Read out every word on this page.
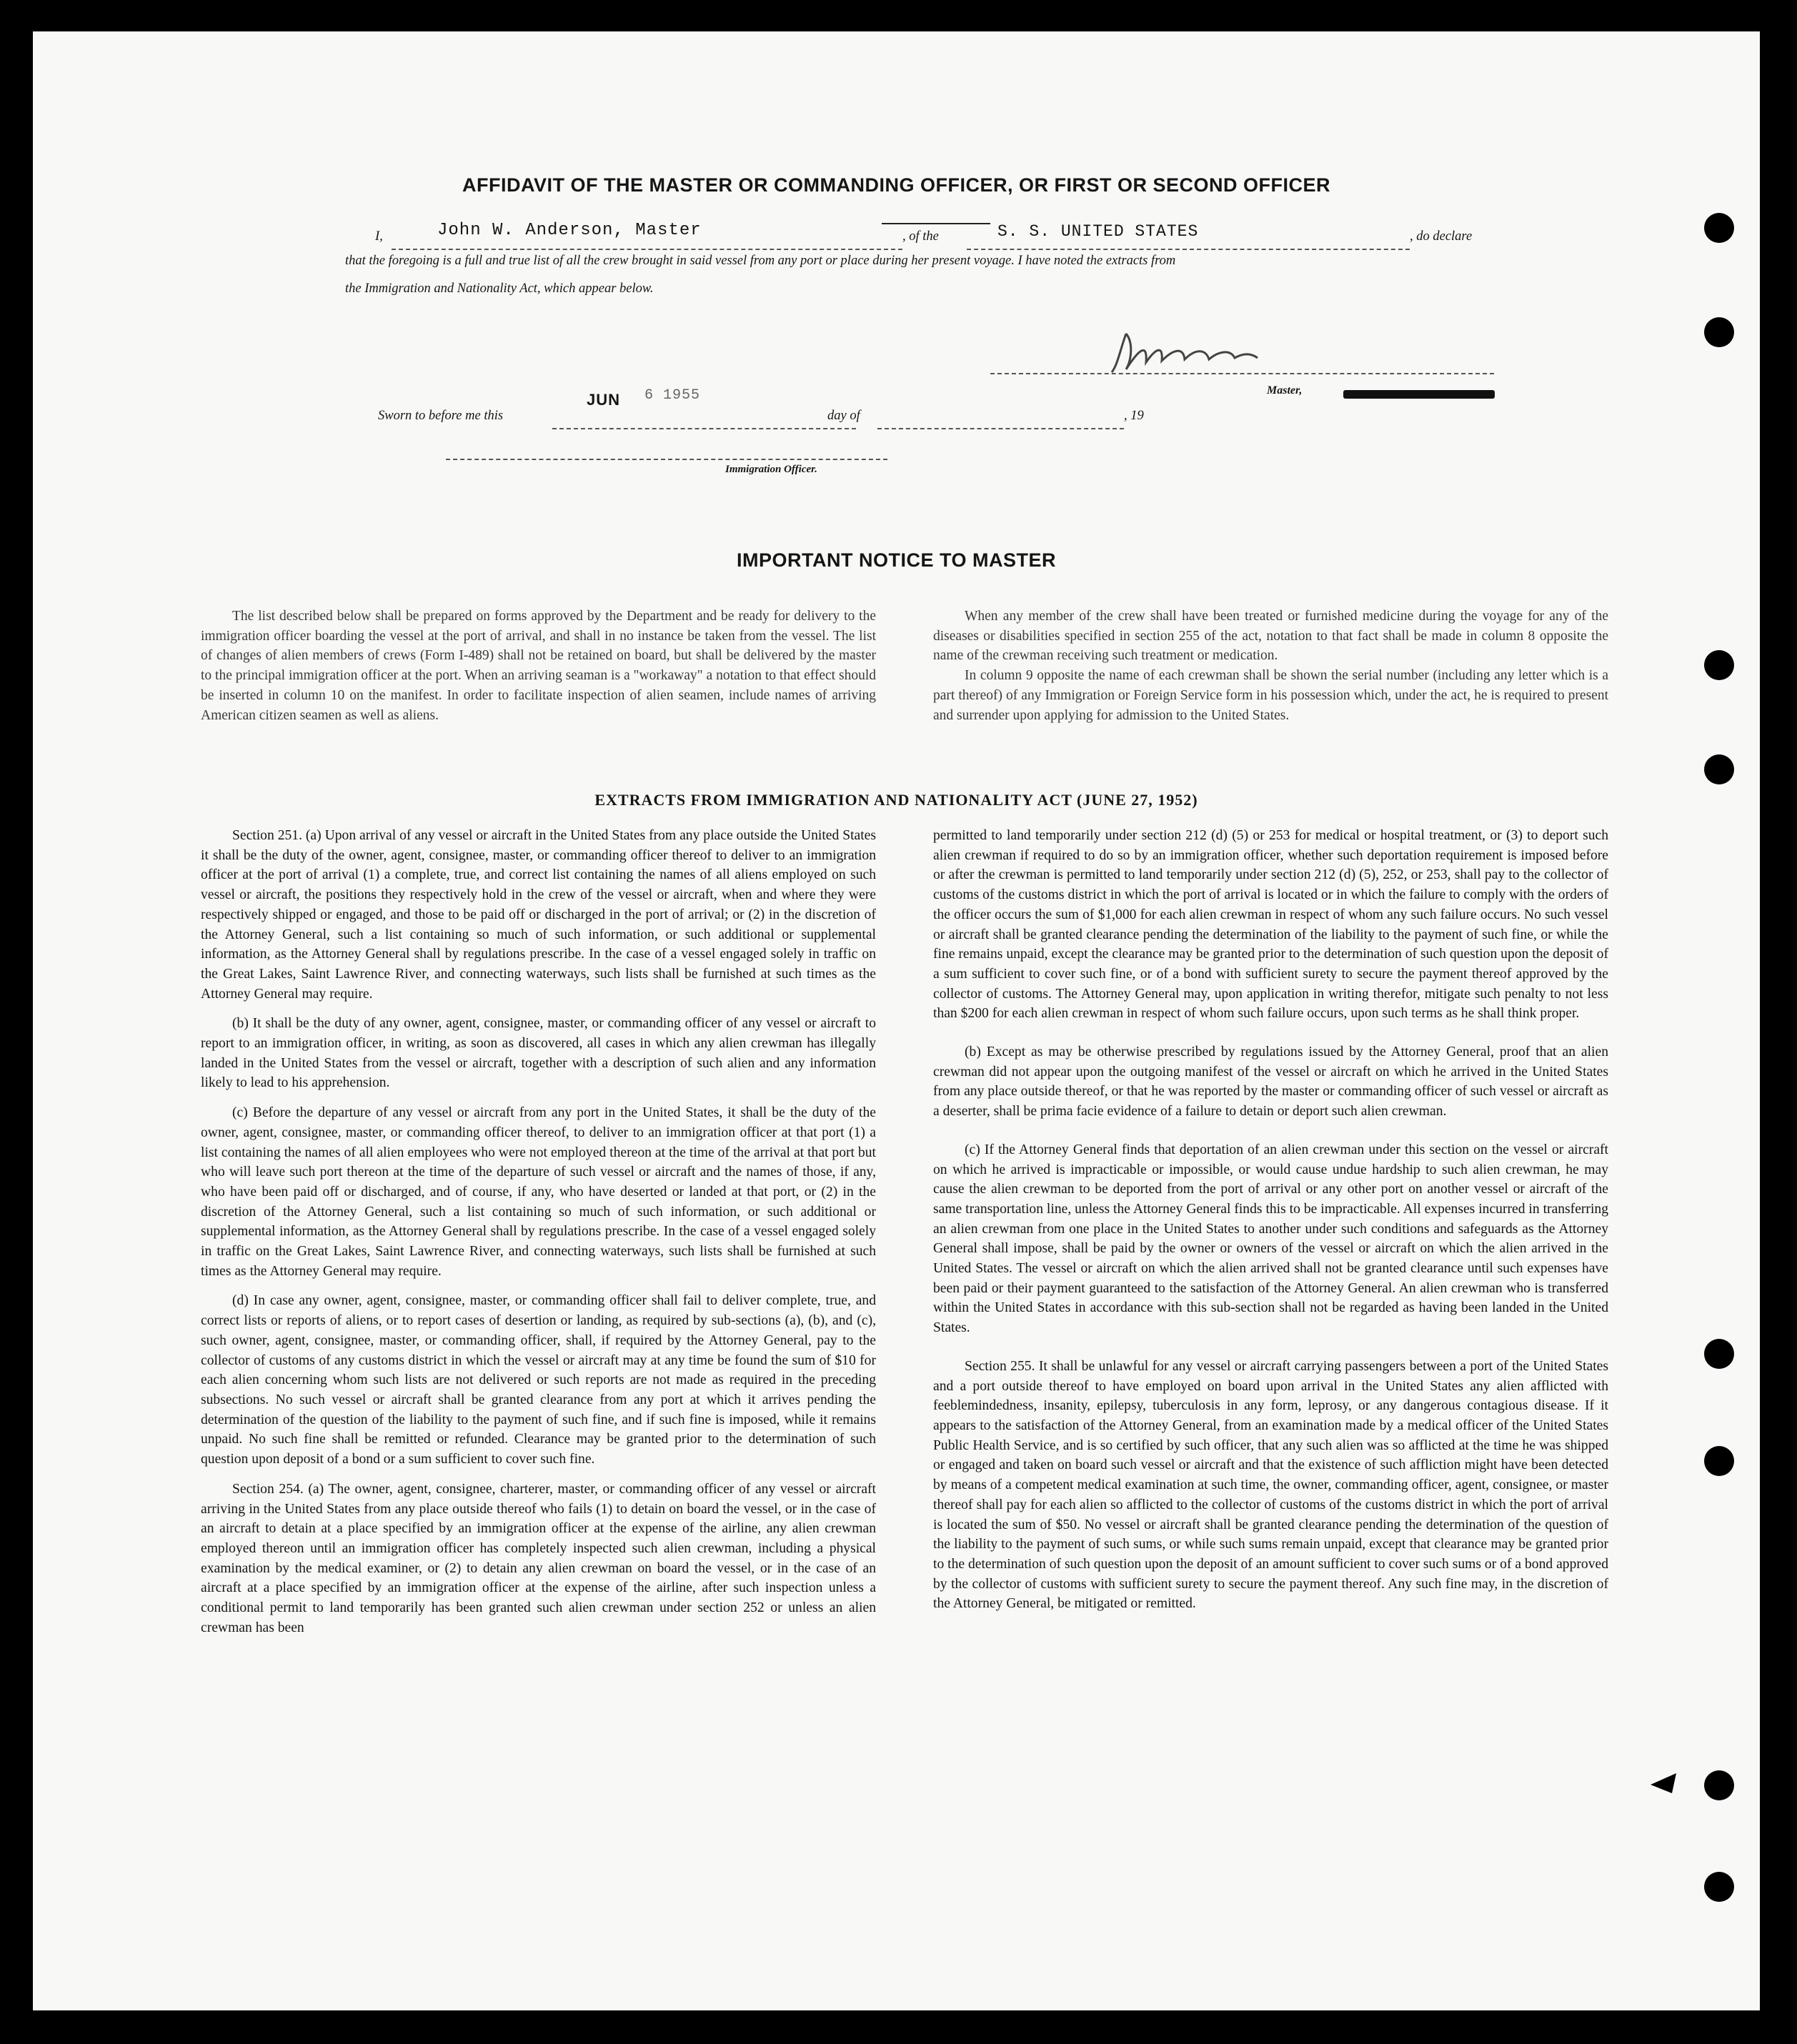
AFFIDAVIT OF THE MASTER OR COMMANDING OFFICER, OR FIRST OR SECOND OFFICER
I,	John W. Anderson, Master	, of the	S. S. UNITED STATES	, do declare
that the foregoing is a full and true list of all the crew brought in said vessel from any port or place during her present voyage. I have noted the extracts from
the Immigration and Nationality Act, which appear below.
Master,
Sworn to before me this
JUN 6 1955
day of	, 19
Immigration Officer.
IMPORTANT NOTICE TO MASTER

The list described below shall be prepared on forms approved by the Department and be ready for delivery to the immigration officer boarding the vessel at the port of arrival, and shall in no instance be taken from the vessel. The list of changes of alien members of crews (Form I-489) shall not be retained on board, but shall be delivered by the master to the principal immigration officer at the port. When an arriving seaman is a "workaway" a notation to that effect should be inserted in column 10 on the manifest. In order to facilitate inspection of alien seamen, include names of arriving American citizen seamen as well as aliens.

When any member of the crew shall have been treated or furnished medicine during the voyage for any of the diseases or disabilities specified in section 255 of the act, notation to that fact shall be made in column 8 opposite the name of the crewman receiving such treatment or medication.

In column 9 opposite the name of each crewman shall be shown the serial number (including any letter which is a part thereof) of any Immigration or Foreign Service form in his possession which, under the act, he is required to present and surrender upon applying for admission to the United States.

EXTRACTS FROM IMMIGRATION AND NATIONALITY ACT (JUNE 27, 1952)

Section 251. (a) Upon arrival of any vessel or aircraft in the United States from any place outside the United States it shall be the duty of the owner, agent, consignee, master, or commanding officer thereof to deliver to an immigration officer at the port of arrival (1) a complete, true, and correct list containing the names of all aliens employed on such vessel or aircraft, the positions they respectively hold in the crew of the vessel or aircraft, when and where they were respectively shipped or engaged, and those to be paid off or discharged in the port of arrival; or (2) in the discretion of the Attorney General, such a list containing so much of such information, or such additional or supplemental information, as the Attorney General shall by regulations prescribe. In the case of a vessel engaged solely in traffic on the Great Lakes, Saint Lawrence River, and connecting waterways, such lists shall be furnished at such times as the Attorney General may require.

(b) It shall be the duty of any owner, agent, consignee, master, or commanding officer of any vessel or aircraft to report to an immigration officer, in writing, as soon as discovered, all cases in which any alien crewman has illegally landed in the United States from the vessel or aircraft, together with a description of such alien and any information likely to lead to his apprehension.

(c) Before the departure of any vessel or aircraft from any port in the United States, it shall be the duty of the owner, agent, consignee, master, or commanding officer thereof, to deliver to an immigration officer at that port (1) a list containing the names of all alien employees who were not employed thereon at the time of the arrival at that port but who will leave such port thereon at the time of the departure of such vessel or aircraft and the names of those, if any, who have been paid off or discharged, and of course, if any, who have deserted or landed at that port, or (2) in the discretion of the Attorney General, such a list containing so much of such information, or such additional or supplemental information, as the Attorney General shall by regulations prescribe. In the case of a vessel engaged solely in traffic on the Great Lakes, Saint Lawrence River, and connecting waterways, such lists shall be furnished at such times as the Attorney General may require.

(d) In case any owner, agent, consignee, master, or commanding officer shall fail to deliver complete, true, and correct lists or reports of aliens, or to report cases of desertion or landing, as required by sub-sections (a), (b), and (c), such owner, agent, consignee, master, or commanding officer, shall, if required by the Attorney General, pay to the collector of customs of any customs district in which the vessel or aircraft may at any time be found the sum of $10 for each alien concerning whom such lists are not delivered or such reports are not made as required in the preceding subsections. No such vessel or aircraft shall be granted clearance from any port at which it arrives pending the determination of the question of the liability to the payment of such fine, and if such fine is imposed, while it remains unpaid. No such fine shall be remitted or refunded. Clearance may be granted prior to the determination of such question upon deposit of a bond or a sum sufficient to cover such fine.

Section 254. (a) The owner, agent, consignee, charterer, master, or commanding officer of any vessel or aircraft arriving in the United States from any place outside thereof who fails (1) to detain on board the vessel, or in the case of an aircraft to detain at a place specified by an immigration officer at the expense of the airline, any alien crewman employed thereon until an immigration officer has completely inspected such alien crewman, including a physical examination by the medical examiner, or (2) to detain any alien crewman on board the vessel, or in the case of an aircraft at a place specified by an immigration officer at the expense of the airline, after such inspection unless a conditional permit to land temporarily has been granted such alien crewman under section 252 or unless an alien crewman has been

permitted to land temporarily under section 212 (d) (5) or 253 for medical or hospital treatment, or (3) to deport such alien crewman if required to do so by an immigration officer, whether such deportation requirement is imposed before or after the crewman is permitted to land temporarily under section 212 (d) (5), 252, or 253, shall pay to the collector of customs of the customs district in which the port of arrival is located or in which the failure to comply with the orders of the officer occurs the sum of $1,000 for each alien crewman in respect of whom any such failure occurs. No such vessel or aircraft shall be granted clearance pending the determination of the liability to the payment of such fine, or while the fine remains unpaid, except the clearance may be granted prior to the determination of such question upon the deposit of a sum sufficient to cover such fine, or of a bond with sufficient surety to secure the payment thereof approved by the collector of customs. The Attorney General may, upon application in writing therefor, mitigate such penalty to not less than $200 for each alien crewman in respect of whom such failure occurs, upon such terms as he shall think proper.

(b) Except as may be otherwise prescribed by regulations issued by the Attorney General, proof that an alien crewman did not appear upon the outgoing manifest of the vessel or aircraft on which he arrived in the United States from any place outside thereof, or that he was reported by the master or commanding officer of such vessel or aircraft as a deserter, shall be prima facie evidence of a failure to detain or deport such alien crewman.

(c) If the Attorney General finds that deportation of an alien crewman under this section on the vessel or aircraft on which he arrived is impracticable or impossible, or would cause undue hardship to such alien crewman, he may cause the alien crewman to be deported from the port of arrival or any other port on another vessel or aircraft of the same transportation line, unless the Attorney General finds this to be impracticable. All expenses incurred in transferring an alien crewman from one place in the United States to another under such conditions and safeguards as the Attorney General shall impose, shall be paid by the owner or owners of the vessel or aircraft on which the alien arrived in the United States. The vessel or aircraft on which the alien arrived shall not be granted clearance until such expenses have been paid or their payment guaranteed to the satisfaction of the Attorney General. An alien crewman who is transferred within the United States in accordance with this sub-section shall not be regarded as having been landed in the United States.

Section 255. It shall be unlawful for any vessel or aircraft carrying passengers between a port of the United States and a port outside thereof to have employed on board upon arrival in the United States any alien afflicted with feeblemindedness, insanity, epilepsy, tuberculosis in any form, leprosy, or any dangerous contagious disease. If it appears to the satisfaction of the Attorney General, from an examination made by a medical officer of the United States Public Health Service, and is so certified by such officer, that any such alien was so afflicted at the time he was shipped or engaged and taken on board such vessel or aircraft and that the existence of such affliction might have been detected by means of a competent medical examination at such time, the owner, commanding officer, agent, consignee, or master thereof shall pay for each alien so afflicted to the collector of customs of the customs district in which the port of arrival is located the sum of $50. No vessel or aircraft shall be granted clearance pending the determination of the question of the liability to the payment of such sums, or while such sums remain unpaid, except that clearance may be granted prior to the determination of such question upon the deposit of an amount sufficient to cover such sums or of a bond approved by the collector of customs with sufficient surety to secure the payment thereof. Any such fine may, in the discretion of the Attorney General, be mitigated or remitted.
